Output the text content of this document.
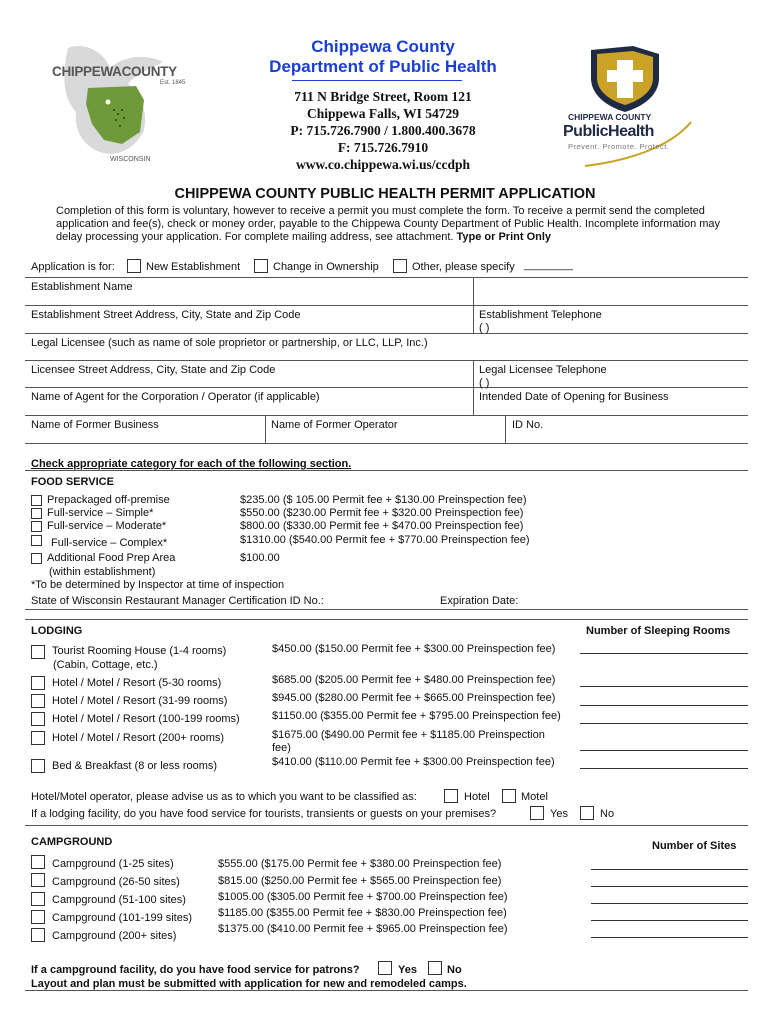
CHIPPEWACOUNTY
Est. 1845
WISCONSIN
Chippewa County
Department of Public Health
711 N Bridge Street, Room 121
Chippewa Falls, WI 54729
P: 715.726.7900 / 1.800.400.3678
F: 715.726.7910
www.co.chippewa.wi.us/ccdph
CHIPPEWA COUNTY
PublicHealth
Prevent. Promote. Protect.
CHIPPEWA COUNTY PUBLIC HEALTH PERMIT APPLICATION
Completion of this form is voluntary, however to receive a permit you must complete the form. To receive a permit send the completed application and fee(s), check or money order, payable to the Chippewa County Department of Public Health. Incomplete information may delay processing your application. For complete mailing address, see attachment. Type or Print Only
Application is for:	New Establishment	Change in Ownership	Other, please specify ________
Establishment Name
Establishment Street Address, City, State and Zip Code	Establishment Telephone
( )
Legal Licensee (such as name of sole proprietor or partnership, or LLC, LLP, Inc.)
Licensee Street Address, City, State and Zip Code	Legal Licensee Telephone
( )
Name of Agent for the Corporation / Operator (if applicable)	Intended Date of Opening for Business
Name of Former Business	Name of Former Operator	ID No.
Check appropriate category for each of the following section.
FOOD SERVICE
Prepackaged off-premise	$235.00 ($ 105.00 Permit fee + $130.00 Preinspection fee)
Full-service – Simple*	$550.00 ($230.00 Permit fee + $320.00 Preinspection fee)
Full-service – Moderate*	$800.00 ($330.00 Permit fee + $470.00 Preinspection fee)
Full-service – Complex*	$1310.00 ($540.00 Permit fee + $770.00 Preinspection fee)
Additional Food Prep Area	$100.00
(within establishment)
*To be determined by Inspector at time of inspection
State of Wisconsin Restaurant Manager Certification ID No.:	Expiration Date:
LODGING	Number of Sleeping Rooms
Tourist Rooming House (1-4 rooms)
(Cabin, Cottage, etc.)
$450.00 ($150.00 Permit fee + $300.00 Preinspection fee)
Hotel / Motel / Resort (5-30 rooms)	$685.00 ($205.00 Permit fee + $480.00 Preinspection fee)
Hotel / Motel / Resort (31-99 rooms)	$945.00 ($280.00 Permit fee + $665.00 Preinspection fee)
Hotel / Motel / Resort (100-199 rooms)	$1150.00 ($355.00 Permit fee + $795.00 Preinspection fee)
Hotel / Motel / Resort (200+ rooms)	$1675.00 ($490.00 Permit fee + $1185.00 Preinspection
fee)
Bed & Breakfast (8 or less rooms)	$410.00 ($110.00 Permit fee + $300.00 Preinspection fee)
Hotel/Motel operator, please advise us as to which you want to be classified as:	Hotel	Motel
If a lodging facility, do you have food service for tourists, transients or guests on your premises?	Yes	No
CAMPGROUND	Number of Sites
Campground (1-25 sites)	$555.00 ($175.00 Permit fee + $380.00 Preinspection fee)
Campground (26-50 sites)	$815.00 ($250.00 Permit fee + $565.00 Preinspection fee)
Campground (51-100 sites)	$1005.00 ($305.00 Permit fee + $700.00 Preinspection fee)
Campground (101-199 sites) $1185.00 ($355.00 Permit fee + $830.00 Preinspection fee)
Campground (200+ sites)
$1375.00 ($410.00 Permit fee + $965.00 Preinspection fee)
If a campground facility, do you have food service for patrons?	Yes	No
Layout and plan must be submitted with application for new and remodeled camps.
